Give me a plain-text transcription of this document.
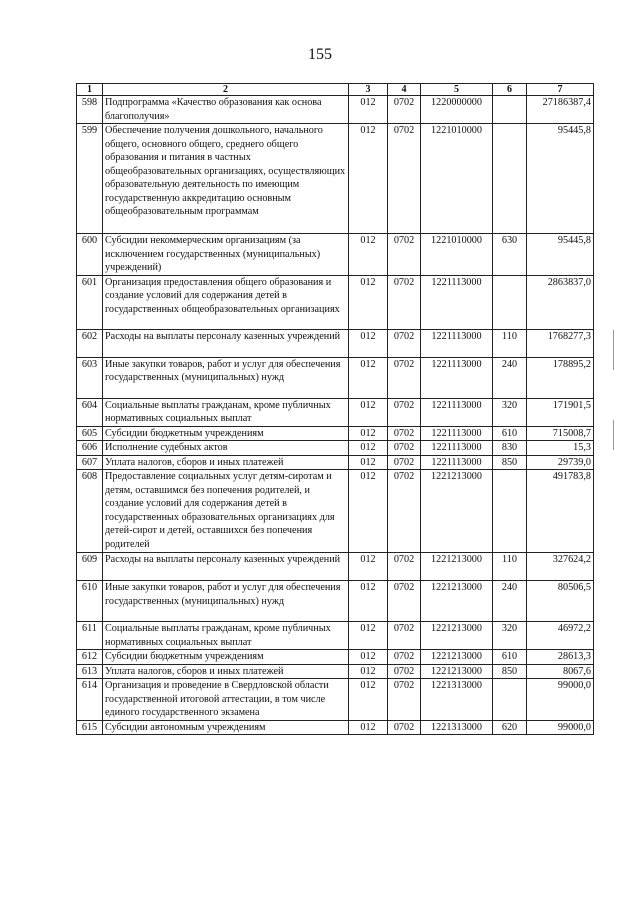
155
1	2	3	4	5	6	7
598	Подпрограмма «Качество образования как основа благополучия»	012	0702	1220000000		27186387,4
599	Обеспечение получения дошкольного, начального общего, основного общего, среднего общего образования и питания в частных общеобразовательных организациях, осуществляющих образовательную деятельность по имеющим государственную аккредитацию основным общеобразовательным программам	012	0702	1221010000		95445,8
600	Субсидии некоммерческим организациям (за исключением государственных (муниципальных) учреждений)	012	0702	1221010000	630	95445,8
601	Организация предоставления общего образования и создание условий для содержания детей в государственных общеобразовательных организациях	012	0702	1221113000		2863837,0
602	Расходы на выплаты персоналу казенных учреждений	012	0702	1221113000	110	1768277,3
603	Иные закупки товаров, работ и услуг для обеспечения государственных (муниципальных) нужд	012	0702	1221113000	240	178895,2
604	Социальные выплаты гражданам, кроме публичных нормативных социальных выплат	012	0702	1221113000	320	171901,5
605	Субсидии бюджетным учреждениям	012	0702	1221113000	610	715008,7
606	Исполнение судебных актов	012	0702	1221113000	830	15,3
607	Уплата налогов, сборов и иных платежей	012	0702	1221113000	850	29739,0
608	Предоставление социальных услуг детям-сиротам и детям, оставшимся без попечения родителей, и создание условий для содержания детей в государственных образовательных организациях для детей-сирот и детей, оставшихся без попечения родителей	012	0702	1221213000		491783,8
609	Расходы на выплаты персоналу казенных учреждений	012	0702	1221213000	110	327624,2
610	Иные закупки товаров, работ и услуг для обеспечения государственных (муниципальных) нужд	012	0702	1221213000	240	80506,5
611	Социальные выплаты гражданам, кроме публичных нормативных социальных выплат	012	0702	1221213000	320	46972,2
612	Субсидии бюджетным учреждениям	012	0702	1221213000	610	28613,3
613	Уплата налогов, сборов и иных платежей	012	0702	1221213000	850	8067,6
614	Организация и проведение в Свердловской области государственной итоговой аттестации, в том числе единого государственного экзамена	012	0702	1221313000		99000,0
615	Субсидии автономным учреждениям	012	0702	1221313000	620	99000,0
